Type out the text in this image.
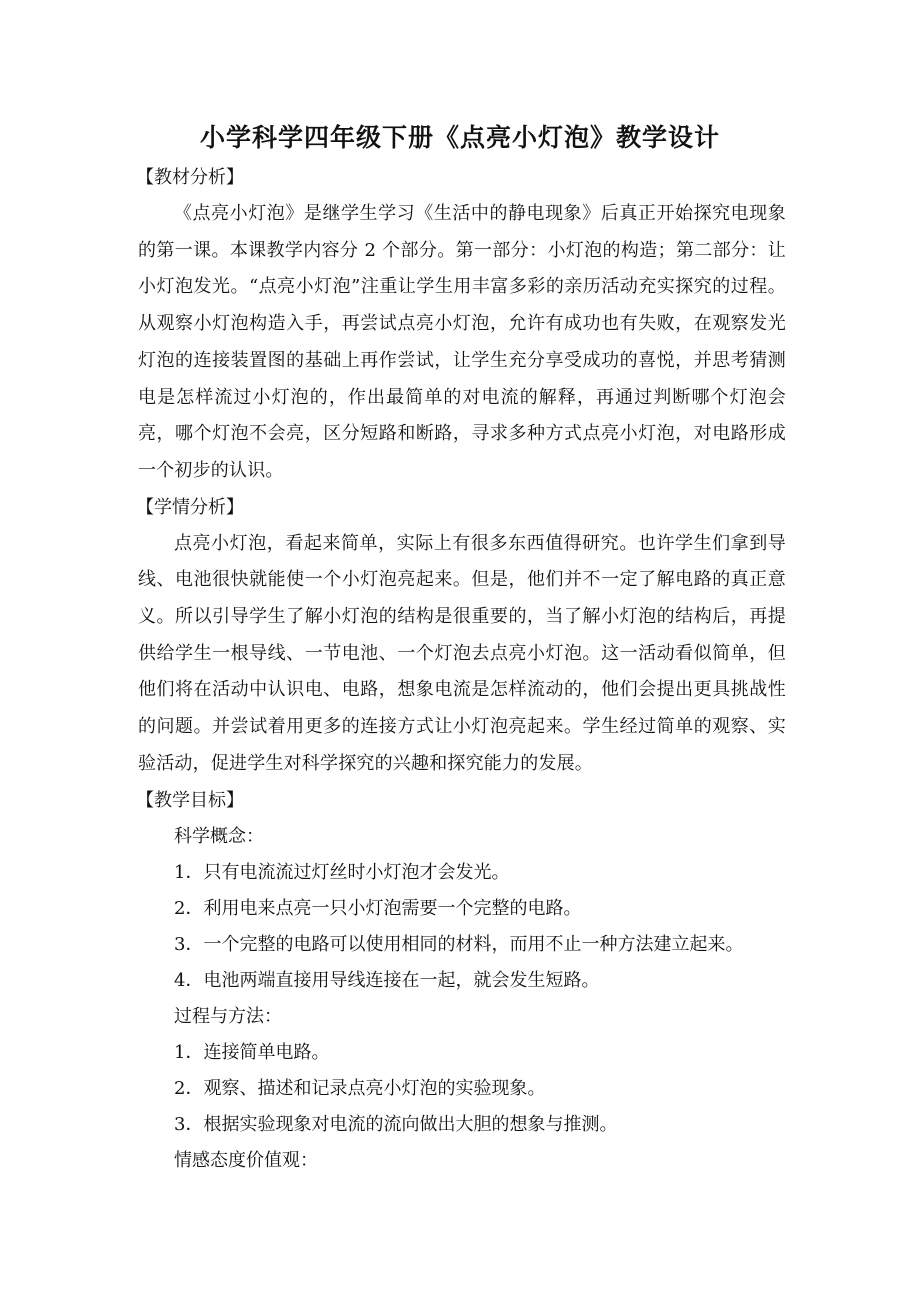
小学科学四年级下册《点亮小灯泡》教学设计
【教材分析】

《点亮小灯泡》是继学生学习《生活中的静电现象》后真正开始探究电现象的第一课。本课教学内容分 2 个部分。第一部分：小灯泡的构造；第二部分：让小灯泡发光。“点亮小灯泡”注重让学生用丰富多彩的亲历活动充实探究的过程。从观察小灯泡构造入手，再尝试点亮小灯泡，允许有成功也有失败，在观察发光灯泡的连接装置图的基础上再作尝试，让学生充分享受成功的喜悦，并思考猜测电是怎样流过小灯泡的，作出最简单的对电流的解释，再通过判断哪个灯泡会亮，哪个灯泡不会亮，区分短路和断路，寻求多种方式点亮小灯泡，对电路形成一个初步的认识。

【学情分析】

点亮小灯泡，看起来简单，实际上有很多东西值得研究。也许学生们拿到导线、电池很快就能使一个小灯泡亮起来。但是，他们并不一定了解电路的真正意义。所以引导学生了解小灯泡的结构是很重要的，当了解小灯泡的结构后，再提供给学生一根导线、一节电池、一个灯泡去点亮小灯泡。这一活动看似简单，但他们将在活动中认识电、电路，想象电流是怎样流动的，他们会提出更具挑战性的问题。并尝试着用更多的连接方式让小灯泡亮起来。学生经过简单的观察、实验活动，促进学生对科学探究的兴趣和探究能力的发展。

【教学目标】
科学概念：
1．只有电流流过灯丝时小灯泡才会发光。
2．利用电来点亮一只小灯泡需要一个完整的电路。
3．一个完整的电路可以使用相同的材料，而用不止一种方法建立起来。
4．电池两端直接用导线连接在一起，就会发生短路。
过程与方法：
1．连接简单电路。
2．观察、描述和记录点亮小灯泡的实验现象。
3．根据实验现象对电流的流向做出大胆的想象与推测。
情感态度价值观：
